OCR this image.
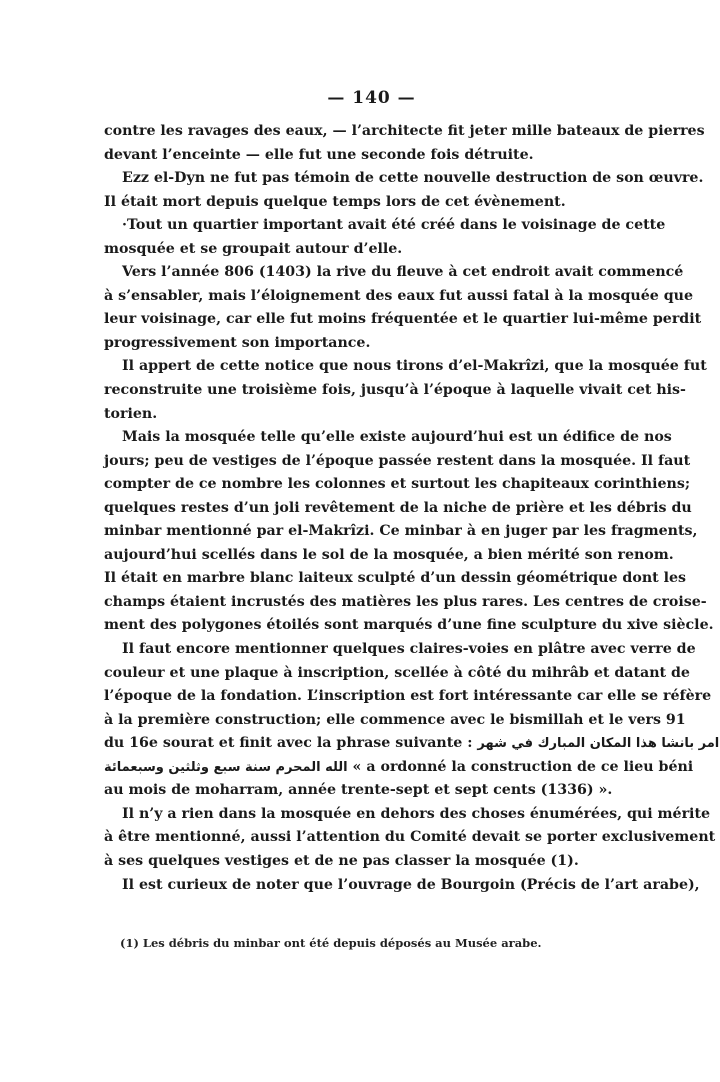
— 140 —
contre les ravages des eaux, — l’architecte fit jeter mille bateaux de pierres
devant l’enceinte — elle fut une seconde fois détruite.
Ezz el-Dyn ne fut pas témoin de cette nouvelle destruction de son œuvre.
Il était mort depuis quelque temps lors de cet évènement.
·Tout un quartier important avait été créé dans le voisinage de cette
mosquée et se groupait autour d’elle.
Vers l’année 806 (1403) la rive du fleuve à cet endroit avait commencé
à s’ensabler, mais l’éloignement des eaux fut aussi fatal à la mosquée que
leur voisinage, car elle fut moins fréquentée et le quartier lui-même perdit
progressivement son importance.
Il appert de cette notice que nous tirons d’el-Makrîzi, que la mosquée fut
reconstruite une troisième fois, jusqu’à l’époque à laquelle vivait cet his-
torien.
Mais la mosquée telle qu’elle existe aujourd’hui est un édifice de nos
jours; peu de vestiges de l’époque passée restent dans la mosquée. Il faut
compter de ce nombre les colonnes et surtout les chapiteaux corinthiens;
quelques restes d’un joli revêtement de la niche de prière et les débris du
minbar mentionné par el-Makrîzi. Ce minbar à en juger par les fragments,
aujourd’hui scellés dans le sol de la mosquée, a bien mérité son renom.
Il était en marbre blanc laiteux sculpté d’un dessin géométrique dont les
champs étaient incrustés des matières les plus rares. Les centres de croise-
ment des polygones étoilés sont marqués d’une fine sculpture du xive siècle.
Il faut encore mentionner quelques claires-voies en plâtre avec verre de
couleur et une plaque à inscription, scellée à côté du mihrâb et datant de
l’époque de la fondation. L’inscription est fort intéressante car elle se réfère
à la première construction; elle commence avec le bismillah et le vers 91
du 16e sourat et finit avec la phrase suivante : امر بانشا هذا المكان المبارك في شهر
الله المحرم سنة سبع وثلثين وسبعمائة « a ordonné la construction de ce lieu béni
au mois de moharram, année trente-sept et sept cents (1336) ».
Il n’y a rien dans la mosquée en dehors des choses énumérées, qui mérite
à être mentionné, aussi l’attention du Comité devait se porter exclusivement
à ses quelques vestiges et de ne pas classer la mosquée (1).
Il est curieux de noter que l’ouvrage de Bourgoin (Précis de l’art arabe),
(1) Les débris du minbar ont été depuis déposés au Musée arabe.
